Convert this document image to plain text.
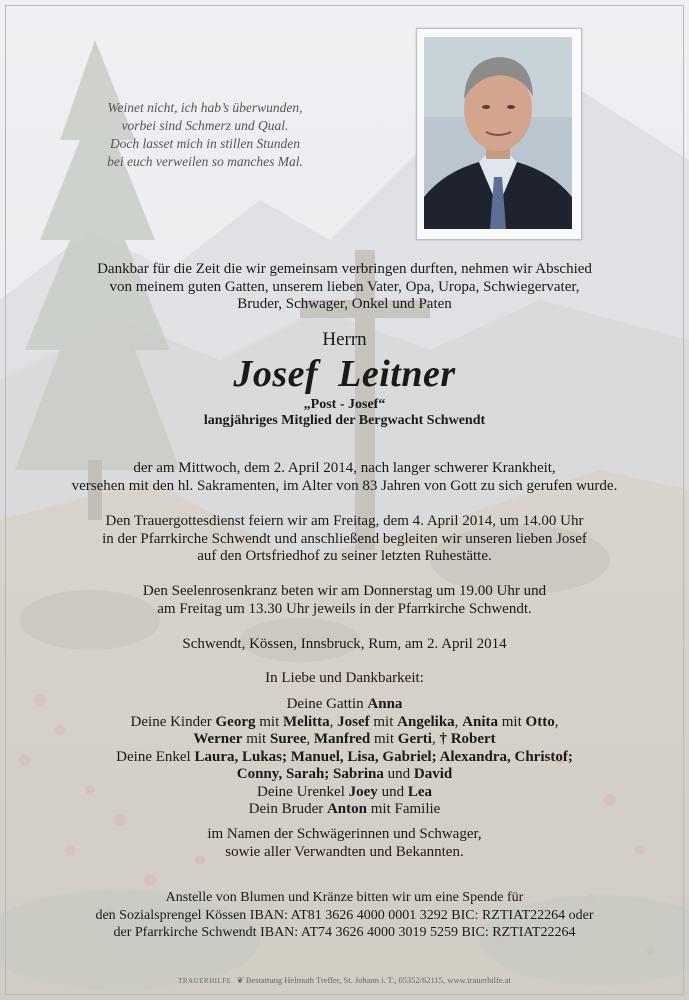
Weinet nicht, ich hab’s überwunden,
vorbei sind Schmerz und Qual.
Doch lasset mich in stillen Stunden
bei euch verweilen so manches Mal.
Dankbar für die Zeit die wir gemeinsam verbringen durften, nehmen wir Abschied
von meinem guten Gatten, unserem lieben Vater, Opa, Uropa, Schwiegervater,
Bruder, Schwager, Onkel und Paten
Herrn
Josef  Leitner
„Post - Josef“
langjähriges Mitglied der Bergwacht Schwendt
der am Mittwoch, dem 2. April 2014, nach langer schwerer Krankheit,
versehen mit den hl. Sakramenten, im Alter von 83 Jahren von Gott zu sich gerufen wurde.
Den Trauergottesdienst feiern wir am Freitag, dem 4. April 2014, um 14.00 Uhr
in der Pfarrkirche Schwendt und anschließend begleiten wir unseren lieben Josef
auf den Ortsfriedhof zu seiner letzten Ruhestätte.
Den Seelenrosenkranz beten wir am Donnerstag um 19.00 Uhr und
am Freitag um 13.30 Uhr jeweils in der Pfarrkirche Schwendt.
Schwendt, Kössen, Innsbruck, Rum, am 2. April 2014
In Liebe und Dankbarkeit:
Deine Gattin Anna
Deine Kinder Georg mit Melitta, Josef mit Angelika, Anita mit Otto,
Werner mit Suree, Manfred mit Gerti, † Robert
Deine Enkel Laura, Lukas; Manuel, Lisa, Gabriel; Alexandra, Christof;
Conny, Sarah; Sabrina und David
Deine Urenkel Joey und Lea
Dein Bruder Anton mit Familie
im Namen der Schwägerinnen und Schwager,
sowie aller Verwandten und Bekannten.
Anstelle von Blumen und Kränze bitten wir um eine Spende für
den Sozialsprengel Kössen IBAN: AT81 3626 4000 0001 3292 BIC: RZTIAT22264 oder
der Pfarrkirche Schwendt IBAN: AT74 3626 4000 3019 5259 BIC: RZTIAT22264
TRAUERHILFE ❦ Bestattung Helmuth Treffer, St. Johann i. T., 05352/62115, www.trauerhilfe.at
